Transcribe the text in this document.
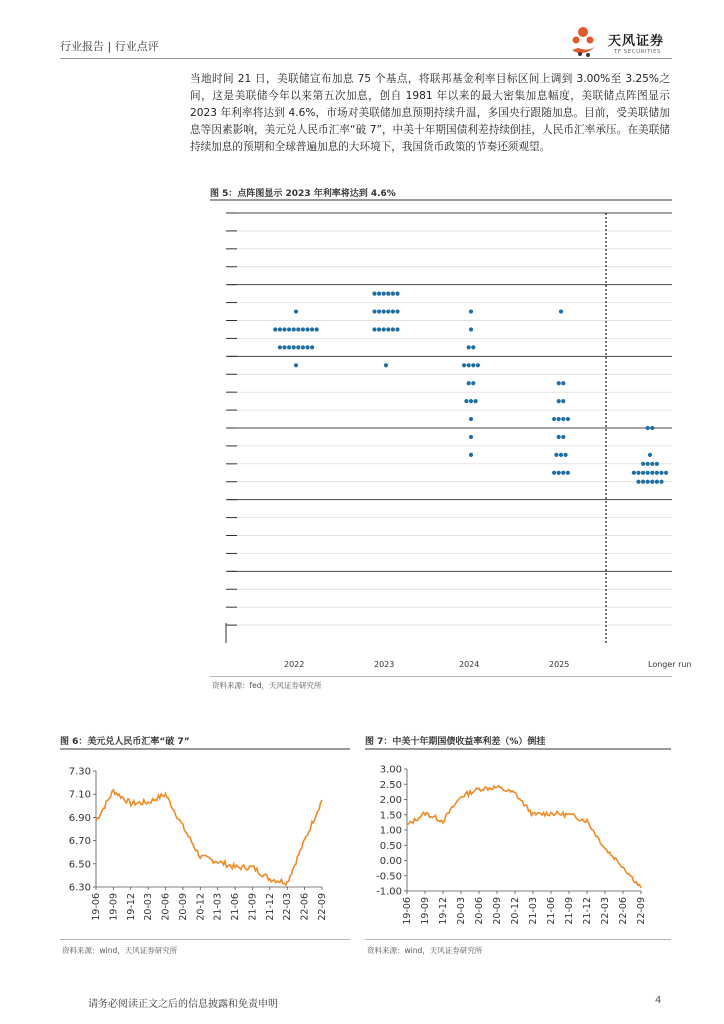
行业报告 | 行业点评	天风证券
TF SECURITIES
当地时间 21 日，美联储宣布加息 75 个基点，将联邦基金利率目标区间上调到 3.00%至 3.25%之间，这是美联储今年以来第五次加息，创自 1981 年以来的最大密集加息幅度，美联储点阵图显示 2023 年利率将达到 4.6%，市场对美联储加息预期持续升温，多国央行跟随加息。目前，受美联储加息等因素影响，美元兑人民币汇率“破 7”，中美十年期国债利差持续倒挂，人民币汇率承压。在美联储持续加息的预期和全球普遍加息的大环境下，我国货币政策的节奏还须观望。
图 5：点阵图显示 2023 年利率将达到 4.6%
2022	2023	2024	2025	Longer run
资料来源：fed，天风证券研究所
图 6：美元兑人民币汇率“破 7”
6.30
6.50
6.70
6.90
7.10
7.30
19-06 19-09 19-12 20-03 20-06 20-09 20-12 21-03 21-06 21-09 21-12 22-03 22-06 22-09
资料来源：wind，天风证券研究所
图 7：中美十年期国债收益率利差（%）倒挂
-1.00
-0.50
0.00
0.50
1.00
1.50
2.00
2.50
3.00
19-06 19-09 19-12 20-03 20-06 20-09 20-12 21-03 21-06 21-09 21-12 22-03 22-06 22-09
资料来源：wind，天风证券研究所
请务必阅读正文之后的信息披露和免责申明	4
